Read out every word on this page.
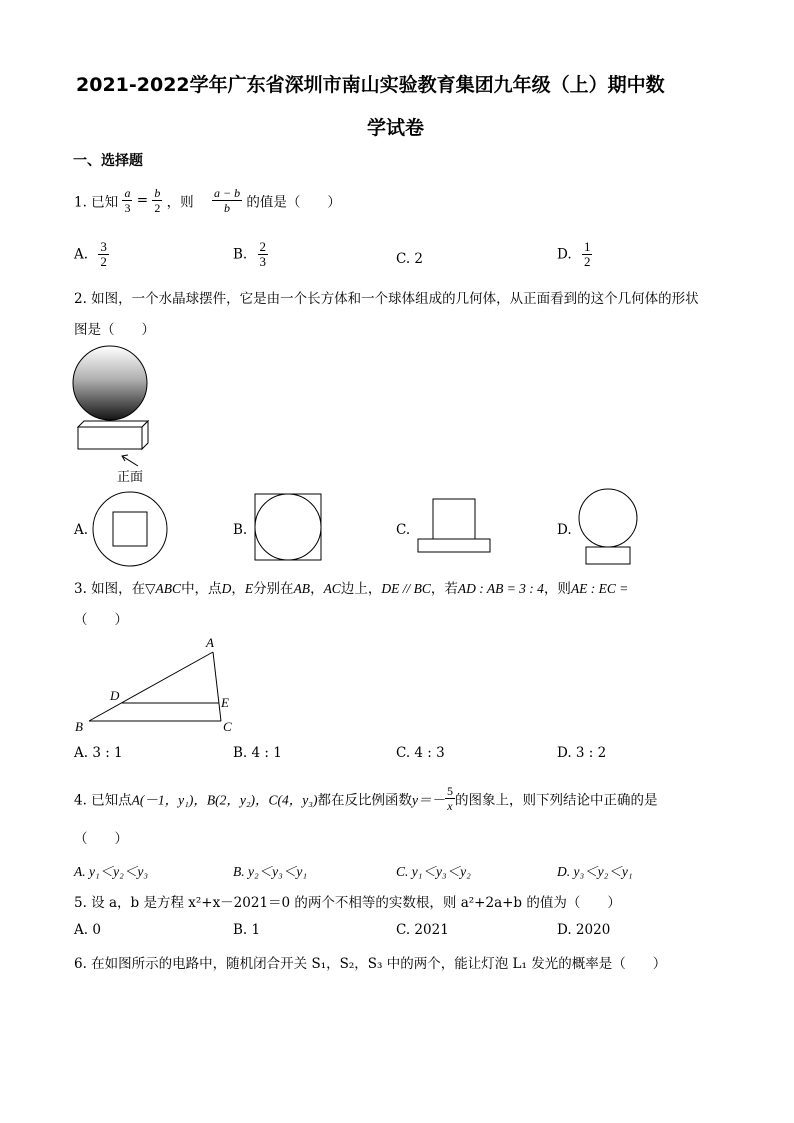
2021-2022学年广东省深圳市南山实验教育集团九年级（上）期中数
学试卷
一、选择题
1. 已知 $\frac{a}{3} = \frac{b}{2}$ ，则 $\frac{a - b}{b}$ 的值是（　　）
A. $\frac{3}{2}$	B. $\frac{2}{3}$	C. 2	D. $\frac{1}{2}$
2. 如图，一个水晶球摆件，它是由一个长方体和一个球体组成的几何体，从正面看到的这个几何体的形状
图是（　　）
正面
A.	B.	C.	D.
3. 如图，在▽ABC中，点D，E分别在AB，AC边上，DE // BC，若AD : AB = 3 : 4，则AE : EC =
（　　）
A
D	E
B	C
A. 3 : 1	B. 4 : 1	C. 4 : 3	D. 3 : 2
4. 已知点A(－1，y₁)，B(2，y₂)，C(4，y₃)都在反比例函数$y=- \frac{5}{x}$ 的图象上，则下列结论中正确的是
（　　）
A. y₁＜y₂＜y₃	B. y₂＜y₃＜y₁	C. y₁＜y₃＜y₂	D. y₃＜y₂＜y₁
5. 设 a，b 是方程 x²+x－2021＝0 的两个不相等的实数根，则 a²+2a+b 的值为（　　）
A. 0	B. 1	C. 2021	D. 2020
6. 在如图所示的电路中，随机闭合开关 S₁，S₂，S₃ 中的两个，能让灯泡 L₁ 发光的概率是（　　）
